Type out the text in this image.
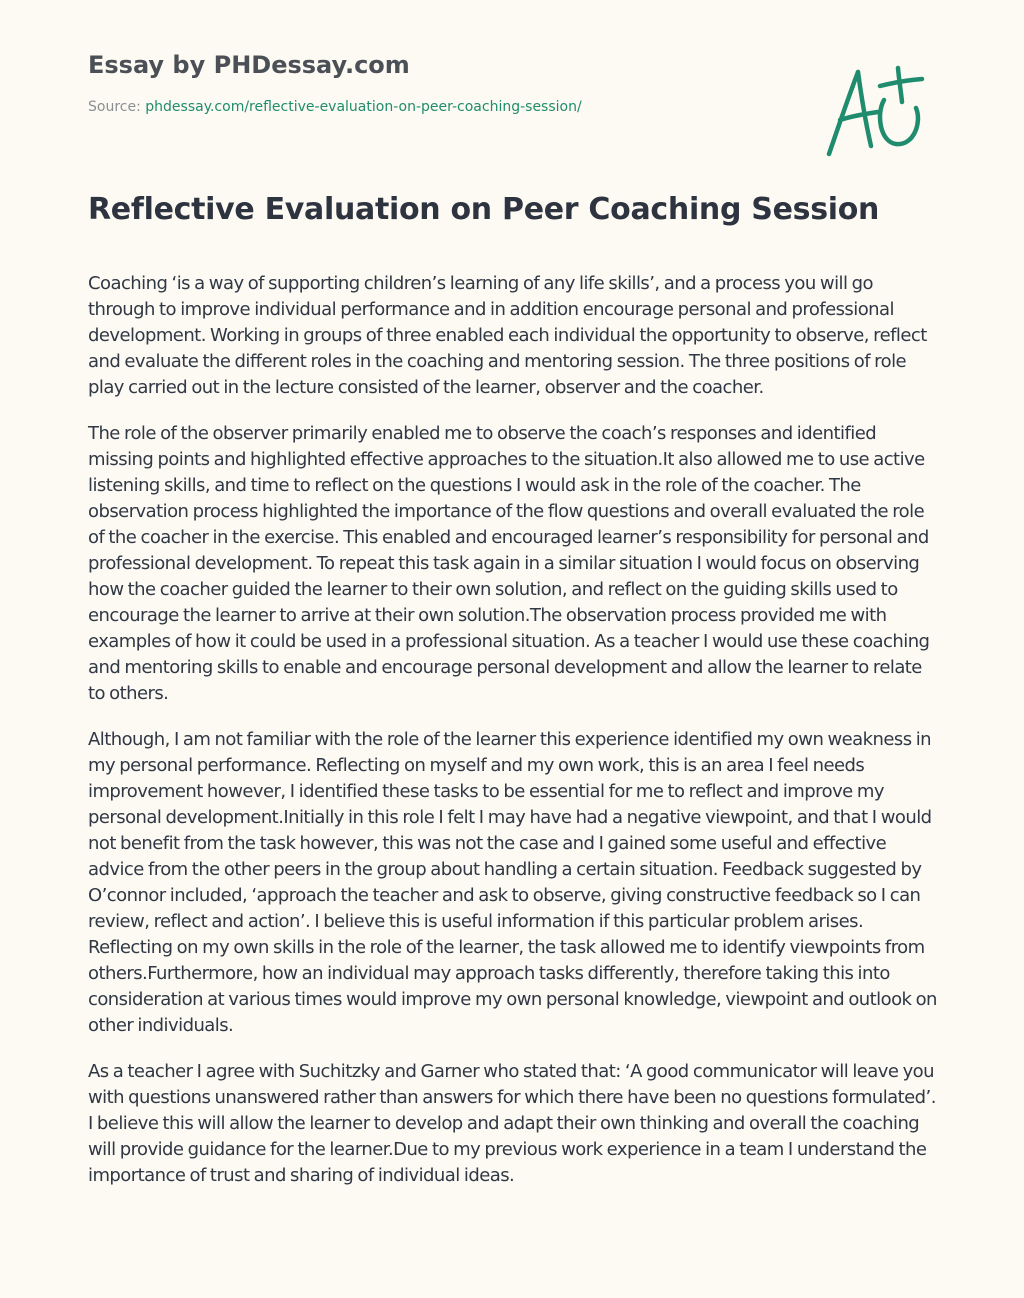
Essay by PHDessay.com
Source: phdessay.com/reflective-evaluation-on-peer-coaching-session/
Reflective Evaluation on Peer Coaching Session

Coaching ‘is a way of supporting children’s learning of any life skills’, and a process you will go through to improve individual performance and in addition encourage personal and professional development. Working in groups of three enabled each individual the opportunity to observe, reflect and evaluate the different roles in the coaching and mentoring session. The three positions of role play carried out in the lecture consisted of the learner, observer and the coacher.

The role of the observer primarily enabled me to observe the coach’s responses and identified missing points and highlighted effective approaches to the situation.It also allowed me to use active listening skills, and time to reflect on the questions I would ask in the role of the coacher. The observation process highlighted the importance of the flow questions and overall evaluated the role of the coacher in the exercise. This enabled and encouraged learner’s responsibility for personal and professional development. To repeat this task again in a similar situation I would focus on observing how the coacher guided the learner to their own solution, and reflect on the guiding skills used to encourage the learner to arrive at their own solution.The observation process provided me with examples of how it could be used in a professional situation. As a teacher I would use these coaching and mentoring skills to enable and encourage personal development and allow the learner to relate to others.

Although, I am not familiar with the role of the learner this experience identified my own weakness in my personal performance. Reflecting on myself and my own work, this is an area I feel needs improvement however, I identified these tasks to be essential for me to reflect and improve my personal development.Initially in this role I felt I may have had a negative viewpoint, and that I would not benefit from the task however, this was not the case and I gained some useful and effective advice from the other peers in the group about handling a certain situation. Feedback suggested by O’connor included, ‘approach the teacher and ask to observe, giving constructive feedback so I can review, reflect and action’. I believe this is useful information if this particular problem arises. Reflecting on my own skills in the role of the learner, the task allowed me to identify viewpoints from others.Furthermore, how an individual may approach tasks differently, therefore taking this into consideration at various times would improve my own personal knowledge, viewpoint and outlook on other individuals.

As a teacher I agree with Suchitzky and Garner who stated that: ‘A good communicator will leave you with questions unanswered rather than answers for which there have been no questions formulated’. I believe this will allow the learner to develop and adapt their own thinking and overall the coaching will provide guidance for the learner.Due to my previous work experience in a team I understand the importance of trust and sharing of individual ideas.
